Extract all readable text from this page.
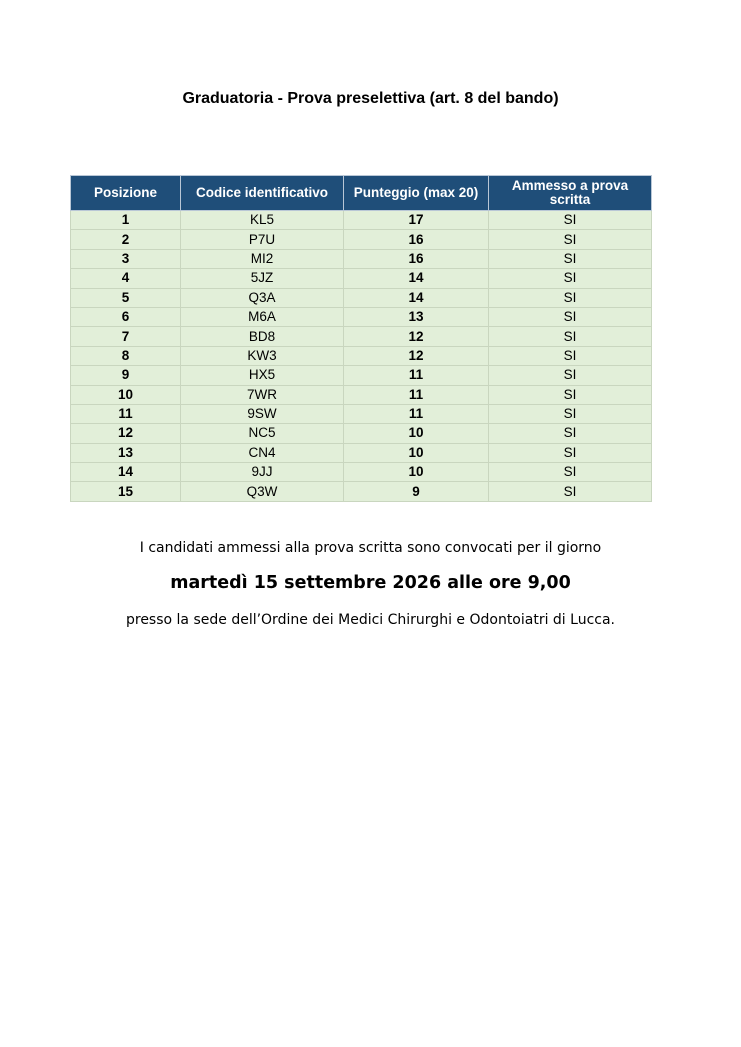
Graduatoria - Prova preselettiva (art. 8 del bando)
Posizione	Codice identificativo	Punteggio (max 20)	Ammesso a prova scritta
1	KL5	17	SI
2	P7U	16	SI
3	MI2	16	SI
4	5JZ	14	SI
5	Q3A	14	SI
6	M6A	13	SI
7	BD8	12	SI
8	KW3	12	SI
9	HX5	11	SI
10	7WR	11	SI
11	9SW	11	SI
12	NC5	10	SI
13	CN4	10	SI
14	9JJ	10	SI
15	Q3W	9	SI
I candidati ammessi alla prova scritta sono convocati per il giorno
martedì 15 settembre 2026 alle ore 9,00
presso la sede dell’Ordine dei Medici Chirurghi e Odontoiatri di Lucca.
